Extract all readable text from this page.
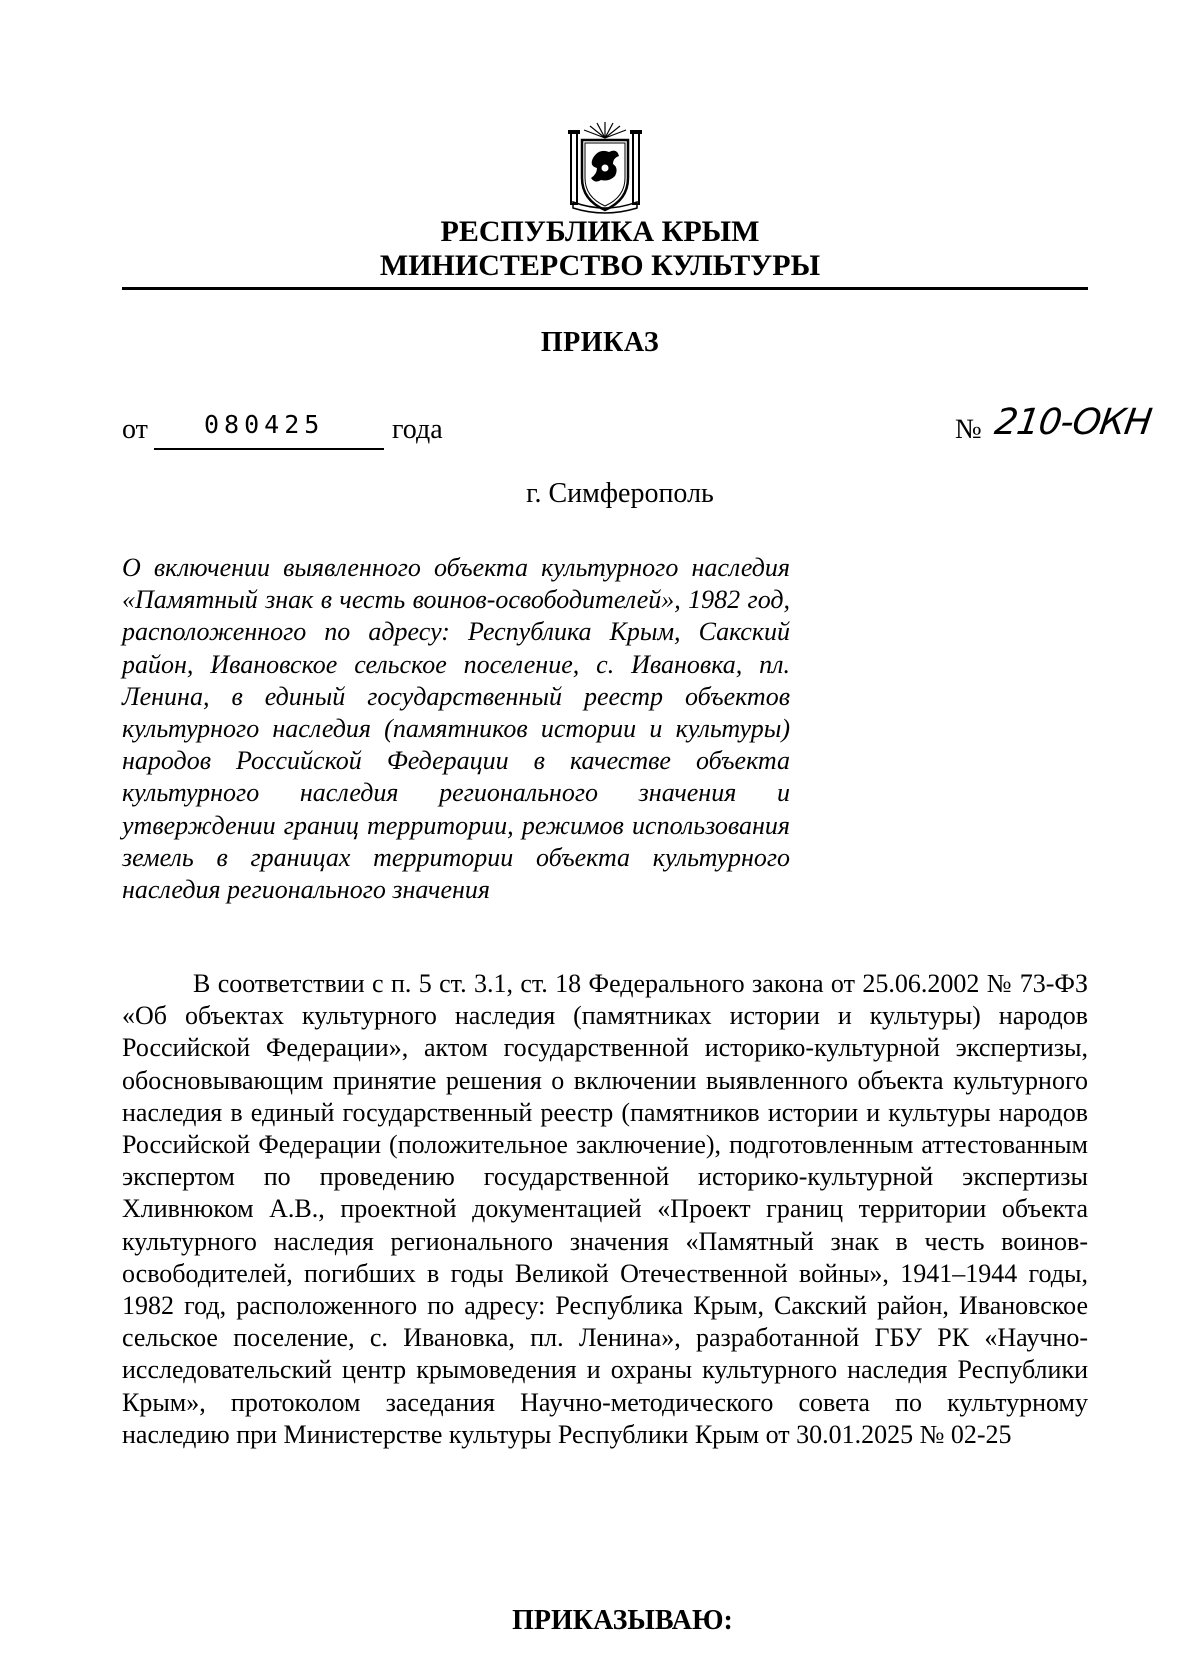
РЕСПУБЛИКА КРЫМ
МИНИСТЕРСТВО КУЛЬТУРЫ
ПРИКАЗ
от 080425 года	№ 210-ОКН
г. Симферополь
О включении выявленного объекта культурного наследия «Памятный знак в честь воинов-освободителей», 1982 год, расположенного по адресу: Республика Крым, Сакский район, Ивановское сельское поселение, с. Ивановка, пл. Ленина, в единый государственный реестр объектов культурного наследия (памятников истории и культуры) народов Российской Федерации в качестве объекта культурного наследия регионального значения и утверждении границ территории, режимов использования земель в границах территории объекта культурного наследия регионального значения
В соответствии с п. 5 ст. 3.1, ст. 18 Федерального закона от 25.06.2002 № 73-ФЗ «Об объектах культурного наследия (памятниках истории и культуры) народов Российской Федерации», актом государственной историко-культурной экспертизы, обосновывающим принятие решения о включении выявленного объекта культурного наследия в единый государственный реестр (памятников истории и культуры народов Российской Федерации (положительное заключение), подготовленным аттестованным экспертом по проведению государственной историко-культурной экспертизы Хливнюком А.В., проектной документацией «Проект границ территории объекта культурного наследия регионального значения «Памятный знак в честь воинов-освободителей, погибших в годы Великой Отечественной войны», 1941–1944 годы, 1982 год, расположенного по адресу: Республика Крым, Сакский район, Ивановское сельское поселение, с. Ивановка, пл. Ленина», разработанной ГБУ РК «Научно-исследовательский центр крымоведения и охраны культурного наследия Республики Крым», протоколом заседания Научно-методического совета по культурному наследию при Министерстве культуры Республики Крым от 30.01.2025 № 02-25
ПРИКАЗЫВАЮ:
